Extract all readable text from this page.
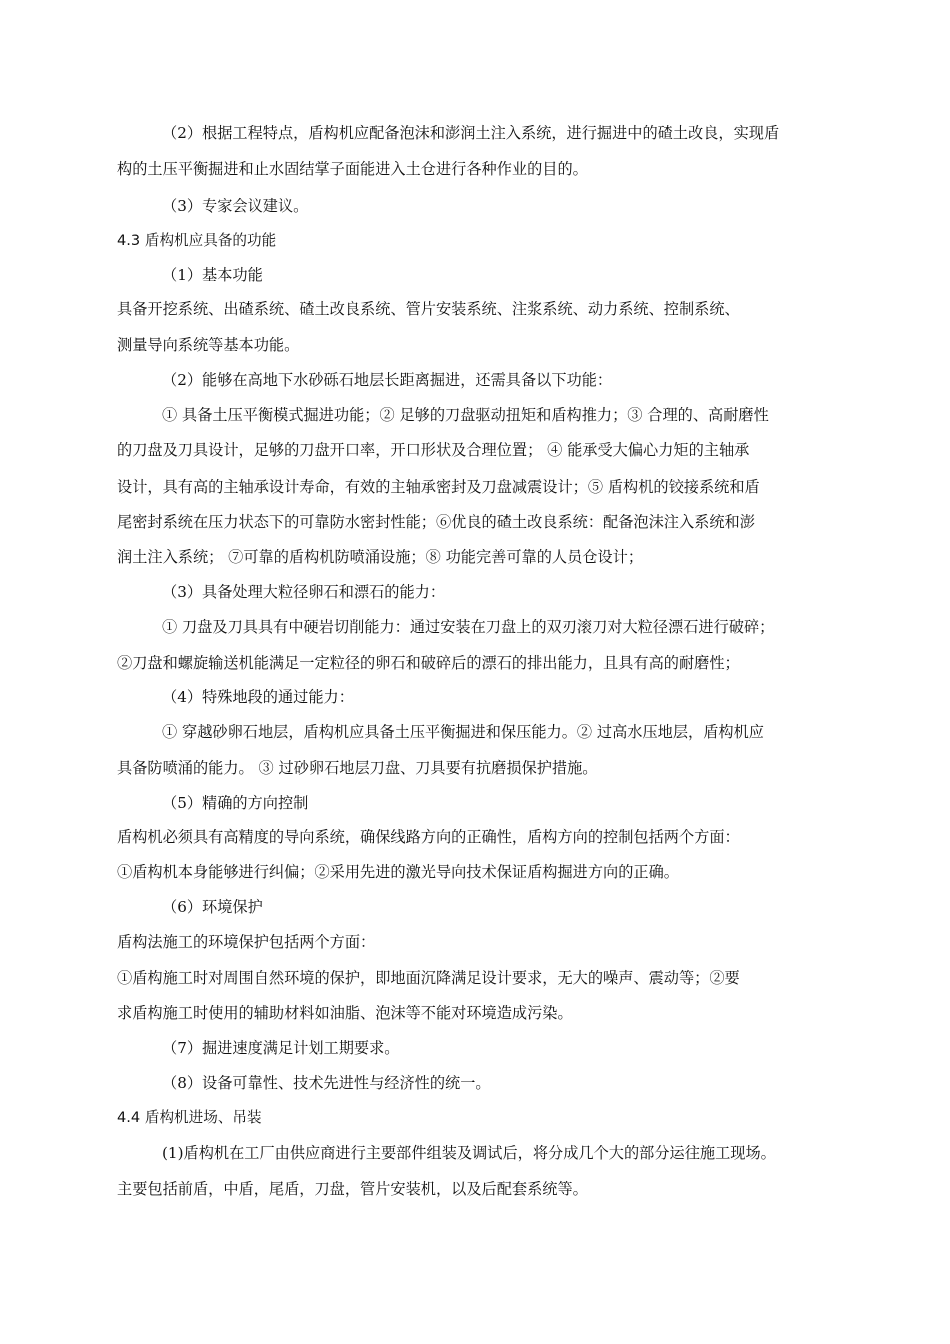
（2）根据工程特点，盾构机应配备泡沫和澎润土注入系统，进行掘进中的碴土改良，实现盾
构的土压平衡掘进和止水固结掌子面能进入土仓进行各种作业的目的。
（3）专家会议建议。
4.3 盾构机应具备的功能
（1）基本功能
具备开挖系统、出碴系统、碴土改良系统、管片安装系统、注浆系统、动力系统、控制系统、
测量导向系统等基本功能。
（2）能够在高地下水砂砾石地层长距离掘进，还需具备以下功能：
① 具备土压平衡模式掘进功能；② 足够的刀盘驱动扭矩和盾构推力；③ 合理的、高耐磨性
的刀盘及刀具设计，足够的刀盘开口率，开口形状及合理位置； ④ 能承受大偏心力矩的主轴承
设计，具有高的主轴承设计寿命，有效的主轴承密封及刀盘减震设计；⑤ 盾构机的铰接系统和盾
尾密封系统在压力状态下的可靠防水密封性能；⑥优良的碴土改良系统：配备泡沫注入系统和澎
润土注入系统； ⑦可靠的盾构机防喷涌设施；⑧ 功能完善可靠的人员仓设计；
（3）具备处理大粒径卵石和漂石的能力：
① 刀盘及刀具具有中硬岩切削能力：通过安装在刀盘上的双刃滚刀对大粒径漂石进行破碎；
②刀盘和螺旋输送机能满足一定粒径的卵石和破碎后的漂石的排出能力，且具有高的耐磨性；
（4）特殊地段的通过能力：
① 穿越砂卵石地层，盾构机应具备土压平衡掘进和保压能力。② 过高水压地层，盾构机应
具备防喷涌的能力。 ③ 过砂卵石地层刀盘、刀具要有抗磨损保护措施。
（5）精确的方向控制
盾构机必须具有高精度的导向系统，确保线路方向的正确性，盾构方向的控制包括两个方面：
①盾构机本身能够进行纠偏；②采用先进的激光导向技术保证盾构掘进方向的正确。
（6）环境保护
盾构法施工的环境保护包括两个方面：
①盾构施工时对周围自然环境的保护，即地面沉降满足设计要求，无大的噪声、震动等；②要
求盾构施工时使用的辅助材料如油脂、泡沫等不能对环境造成污染。
（7）掘进速度满足计划工期要求。
（8）设备可靠性、技术先进性与经济性的统一。
4.4 盾构机进场、吊装
(1)盾构机在工厂由供应商进行主要部件组装及调试后，将分成几个大的部分运往施工现场。
主要包括前盾，中盾，尾盾，刀盘，管片安装机，以及后配套系统等。
